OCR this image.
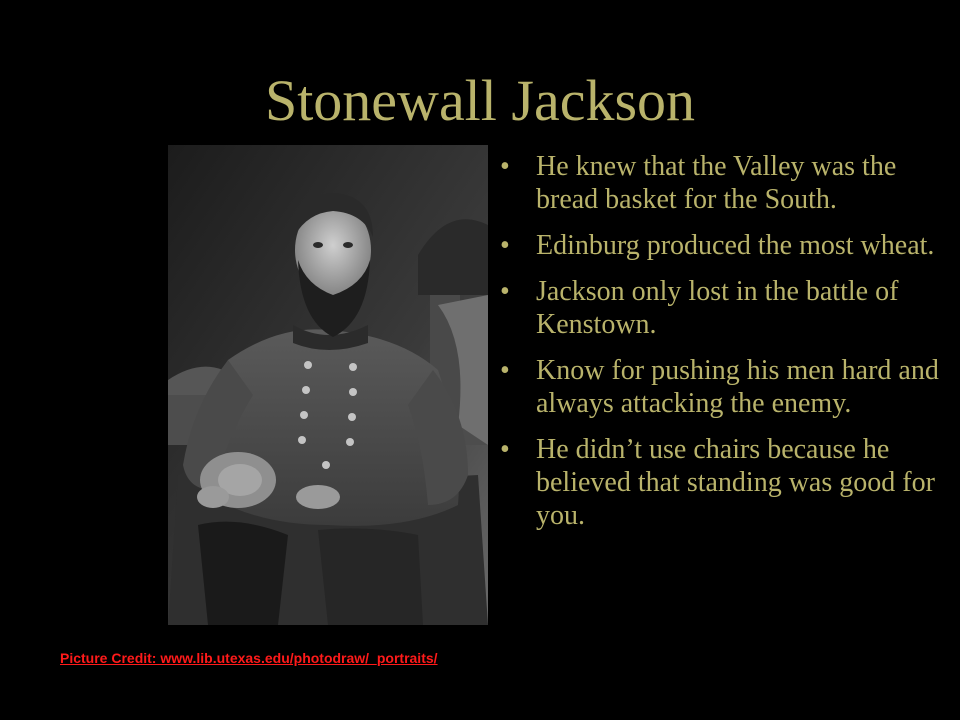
Stonewall Jackson
• He knew that the Valley was the bread basket for the South.
• Edinburg produced the most wheat.
• Jackson only lost in the battle of Kenstown.
• Know for pushing his men hard and always attacking the enemy.
• He didn’t use chairs because he believed that standing was good for you.
Picture Credit: www.lib.utexas.edu/photodraw/_portraits/
